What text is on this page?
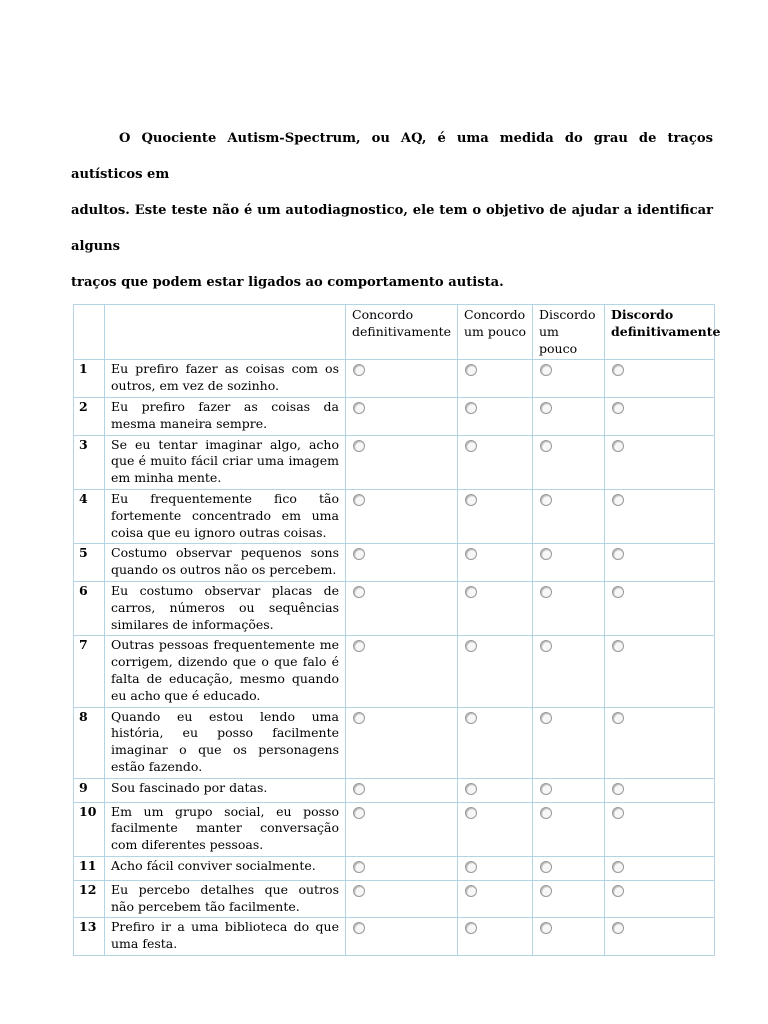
O Quociente Autism-Spectrum, ou AQ, é uma medida do grau de traços autísticos em
adultos. Este teste não é um autodiagnostico, ele tem o objetivo de ajudar a identificar alguns
traços que podem estar ligados ao comportamento autista.
		Concordo definitivamente	Concordo um pouco	Discordo um pouco	Discordo definitivamente
1	Eu prefiro fazer as coisas com os outros, em vez de sozinho.				
2	Eu prefiro fazer as coisas da mesma maneira sempre.				
3	Se eu tentar imaginar algo, acho que é muito fácil criar uma imagem em minha mente.				
4	Eu frequentemente fico tão fortemente concentrado em uma coisa que eu ignoro outras coisas.				
5	Costumo observar pequenos sons quando os outros não os percebem.				
6	Eu costumo observar placas de carros, números ou sequências similares de informações.				
7	Outras pessoas frequentemente me corrigem, dizendo que o que falo é falta de educação, mesmo quando eu acho que é educado.				
8	Quando eu estou lendo uma história, eu posso facilmente imaginar o que os personagens estão fazendo.				
9	Sou fascinado por datas.				
10	Em um grupo social, eu posso facilmente manter conversação com diferentes pessoas.				
11	Acho fácil conviver socialmente.				
12	Eu percebo detalhes que outros não percebem tão facilmente.				
13	Prefiro ir a uma biblioteca do que uma festa.				
